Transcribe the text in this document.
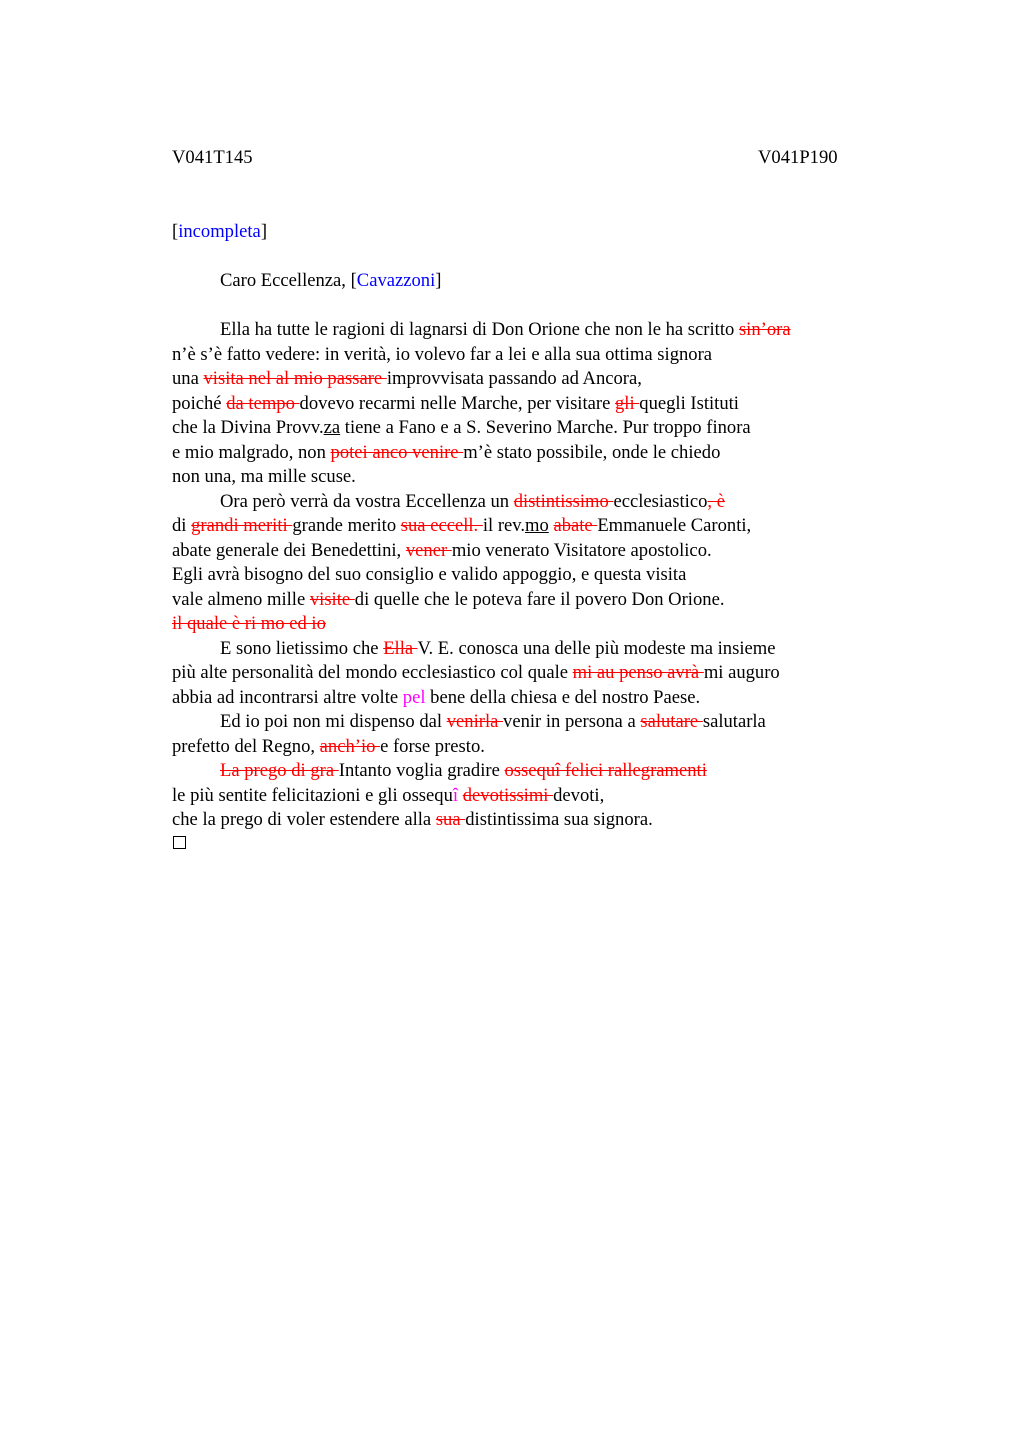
V041T145	V041P190
[incompleta]
Caro Eccellenza, [Cavazzoni]
Ella ha tutte le ragioni di lagnarsi di Don Orione che non le ha scritto sin’ora
n’è s’è fatto vedere: in verità, io volevo far a lei e alla sua ottima signora
una visita nel al mio passare improvvisata passando ad Ancora,
poiché da tempo dovevo recarmi nelle Marche, per visitare gli quegli Istituti
che la Divina Provv.za tiene a Fano e a S. Severino Marche. Pur troppo finora
e mio malgrado, non potei anco venire m’è stato possibile, onde le chiedo
non una, ma mille scuse.
Ora però verrà da vostra Eccellenza un distintissimo ecclesiastico, è
di grandi meriti grande merito sua eccell. il rev.mo abate Emmanuele Caronti,
abate generale dei Benedettini, vener mio venerato Visitatore apostolico.
Egli avrà bisogno del suo consiglio e valido appoggio, e questa visita
vale almeno mille visite di quelle che le poteva fare il povero Don Orione.
il quale è ri mo ed io
E sono lietissimo che Ella V. E. conosca una delle più modeste ma insieme
più alte personalità del mondo ecclesiastico col quale mi au penso avrà mi auguro
abbia ad incontrarsi altre volte pel bene della chiesa e del nostro Paese.
Ed io poi non mi dispenso dal venirla venir in persona a salutare salutarla
prefetto del Regno, anch’io e forse presto.
La prego di gra Intanto voglia gradire ossequî felici rallegramenti
le più sentite felicitazioni e gli ossequî devotissimi devoti,
che la prego di voler estendere alla sua distintissima sua signora.
